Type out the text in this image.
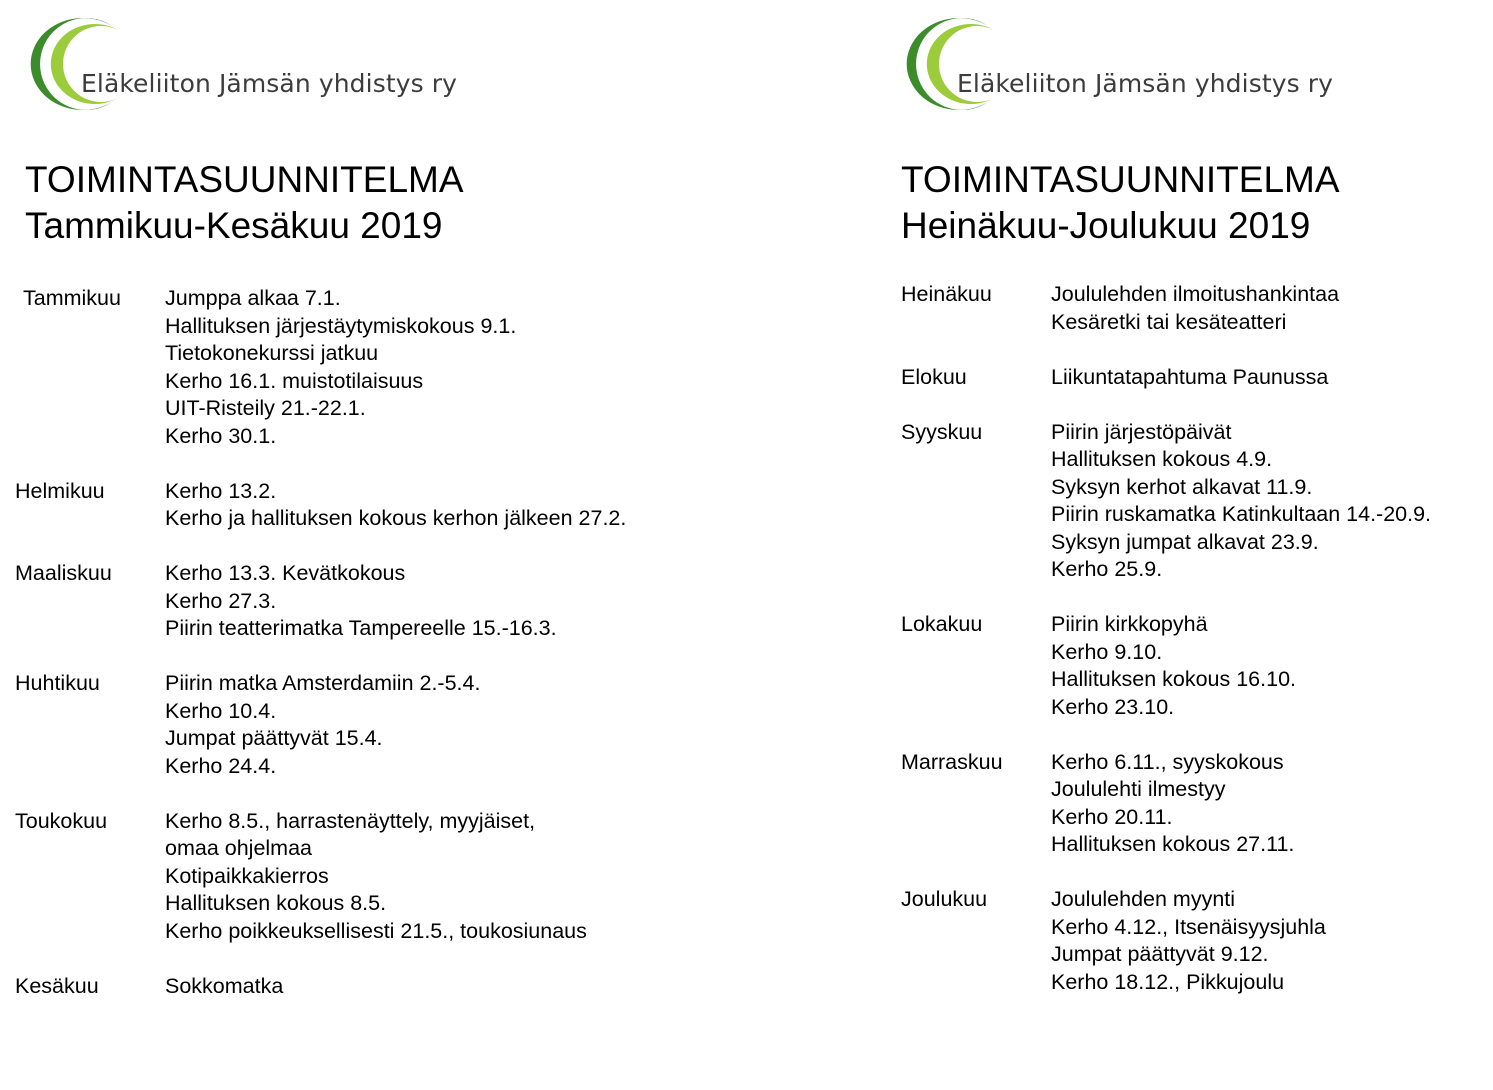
Eläkeliiton Jämsän yhdistys ry
TOIMINTASUUNNITELMA
Tammikuu-Kesäkuu 2019
Tammikuu	Jumppa alkaa 7.1.
Hallituksen järjestäytymiskokous 9.1.
Tietokonekurssi jatkuu
Kerho 16.1. muistotilaisuus
UIT-Risteily 21.-22.1.
Kerho 30.1.
Helmikuu	Kerho 13.2.
Kerho ja hallituksen kokous kerhon jälkeen 27.2.
Maaliskuu	Kerho 13.3. Kevätkokous
Kerho 27.3.
Piirin teatterimatka Tampereelle 15.-16.3.
Huhtikuu	Piirin matka Amsterdamiin 2.-5.4.
Kerho 10.4.
Jumpat päättyvät 15.4.
Kerho 24.4.
Toukokuu	Kerho 8.5., harrastenäyttely, myyjäiset,
omaa ohjelmaa
Kotipaikkakierros
Hallituksen kokous 8.5.
Kerho poikkeuksellisesti 21.5., toukosiunaus
Kesäkuu	Sokkomatka
Eläkeliiton Jämsän yhdistys ry
TOIMINTASUUNNITELMA
Heinäkuu-Joulukuu 2019
Heinäkuu	Joululehden ilmoitushankintaa
Kesäretki tai kesäteatteri
Elokuu	Liikuntatapahtuma Paunussa
Syyskuu	Piirin järjestöpäivät
Hallituksen kokous 4.9.
Syksyn kerhot alkavat 11.9.
Piirin ruskamatka Katinkultaan 14.-20.9.
Syksyn jumpat alkavat 23.9.
Kerho 25.9.
Lokakuu	Piirin kirkkopyhä
Kerho 9.10.
Hallituksen kokous 16.10.
Kerho 23.10.
Marraskuu	Kerho 6.11., syyskokous
Joululehti ilmestyy
Kerho 20.11.
Hallituksen kokous 27.11.
Joulukuu	Joululehden myynti
Kerho 4.12., Itsenäisyysjuhla
Jumpat päättyvät 9.12.
Kerho 18.12., Pikkujoulu
